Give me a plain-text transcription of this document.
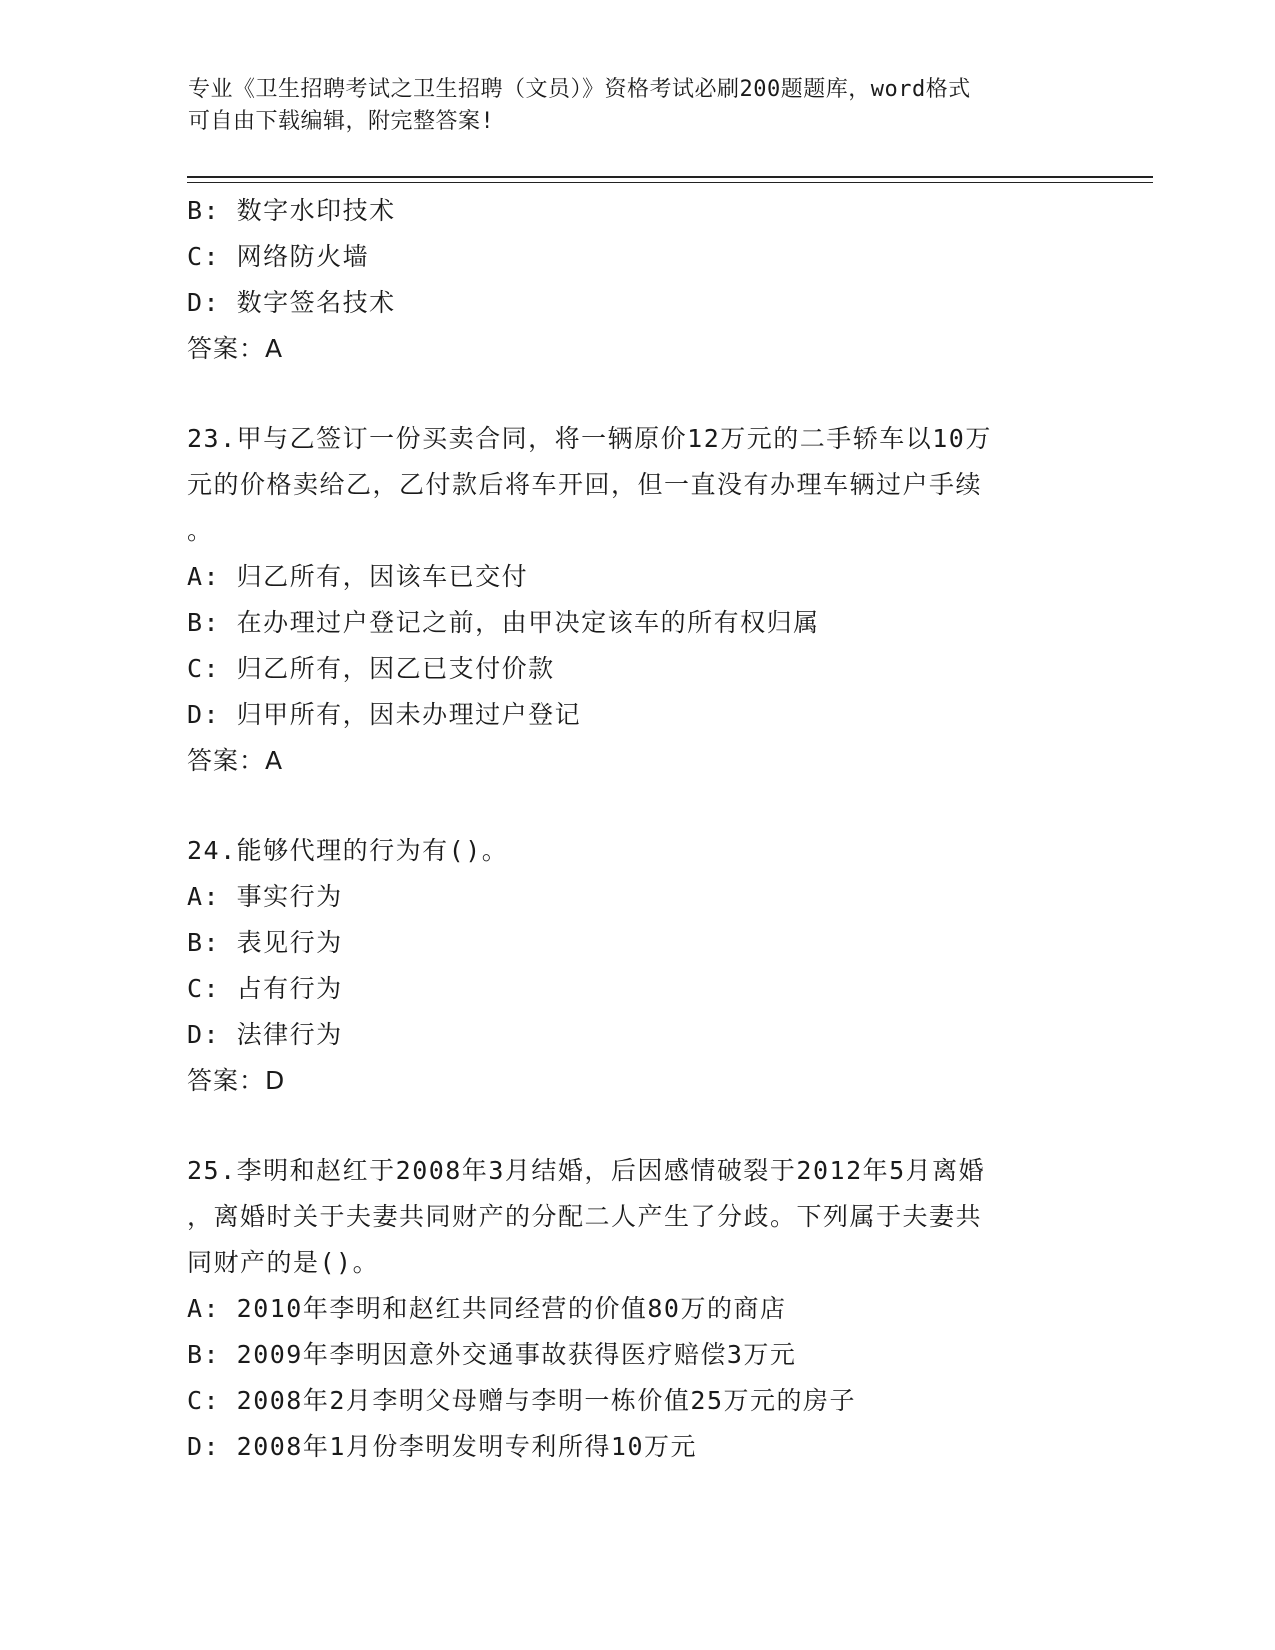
专业《卫生招聘考试之卫生招聘（文员）》资格考试必刷200题题库，word格式
可自由下载编辑，附完整答案!
B: 数字水印技术
C: 网络防火墙
D: 数字签名技术
答案：A
23.甲与乙签订一份买卖合同，将一辆原价12万元的二手轿车以10万
元的价格卖给乙，乙付款后将车开回，但一直没有办理车辆过户手续
。
A: 归乙所有，因该车已交付
B: 在办理过户登记之前，由甲决定该车的所有权归属
C: 归乙所有，因乙已支付价款
D: 归甲所有，因未办理过户登记
答案：A
24.能够代理的行为有()。
A: 事实行为
B: 表见行为
C: 占有行为
D: 法律行为
答案：D
25.李明和赵红于2008年3月结婚，后因感情破裂于2012年5月离婚
，离婚时关于夫妻共同财产的分配二人产生了分歧。下列属于夫妻共
同财产的是()。
A: 2010年李明和赵红共同经营的价值80万的商店
B: 2009年李明因意外交通事故获得医疗赔偿3万元
C: 2008年2月李明父母赠与李明一栋价值25万元的房子
D: 2008年1月份李明发明专利所得10万元
